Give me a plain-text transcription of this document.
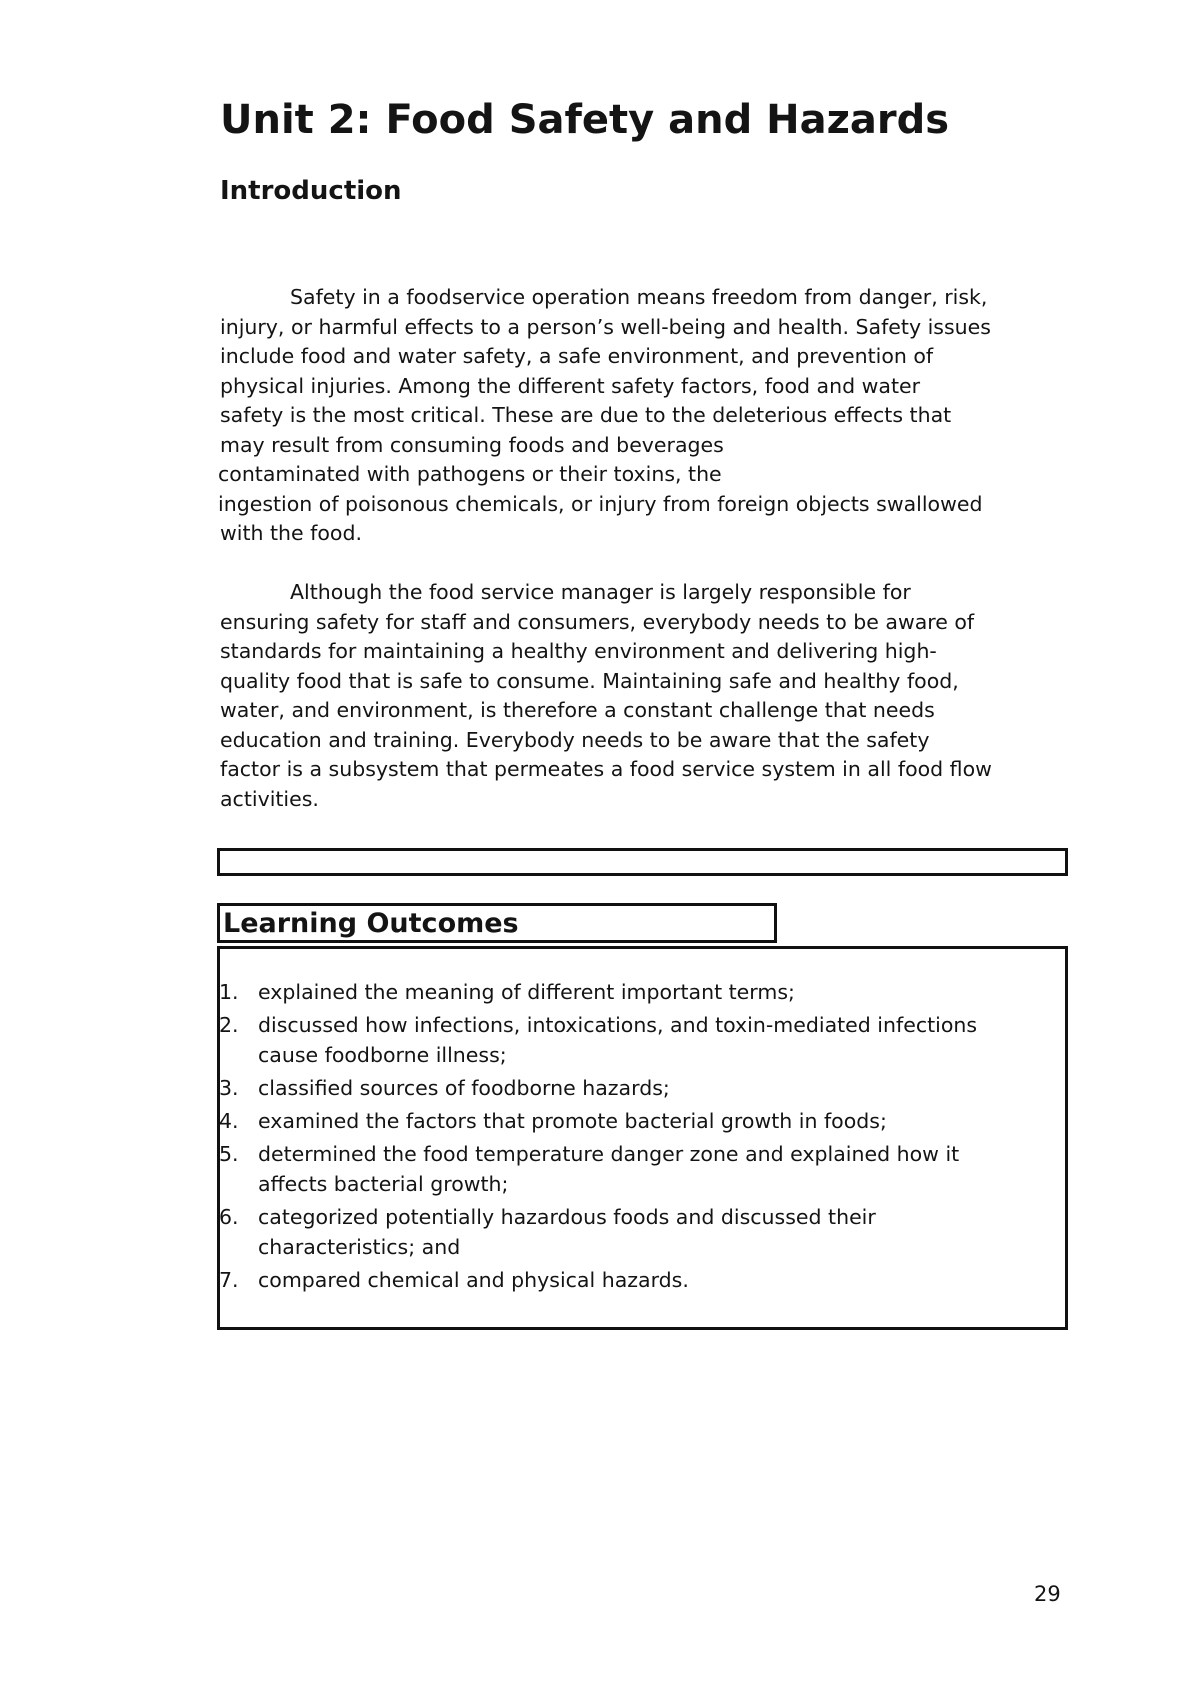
Unit 2: Food Safety and Hazards
Introduction
Safety in a foodservice operation means freedom from danger, risk,
injury, or harmful effects to a person’s well-being and health. Safety issues
include food and water safety, a safe environment, and prevention of
physical injuries. Among the different safety factors, food and water
safety is the most critical. These are due to the deleterious effects that
may result from consuming foods and beverages
contaminated with pathogens or their toxins, the
ingestion of poisonous chemicals, or injury from foreign objects swallowed
with the food.
Although the food service manager is largely responsible for
ensuring safety for staff and consumers, everybody needs to be aware of
standards for maintaining a healthy environment and delivering high-
quality food that is safe to consume. Maintaining safe and healthy food,
water, and environment, is therefore a constant challenge that needs
education and training. Everybody needs to be aware that the safety
factor is a subsystem that permeates a food service system in all food flow
activities.
Learning Outcomes
1. explained the meaning of different important terms;
2. discussed how infections, intoxications, and toxin-mediated infections
cause foodborne illness;
3. classified sources of foodborne hazards;
4. examined the factors that promote bacterial growth in foods;
5. determined the food temperature danger zone and explained how it
affects bacterial growth;
6. categorized potentially hazardous foods and discussed their
characteristics; and
7. compared chemical and physical hazards.
29
